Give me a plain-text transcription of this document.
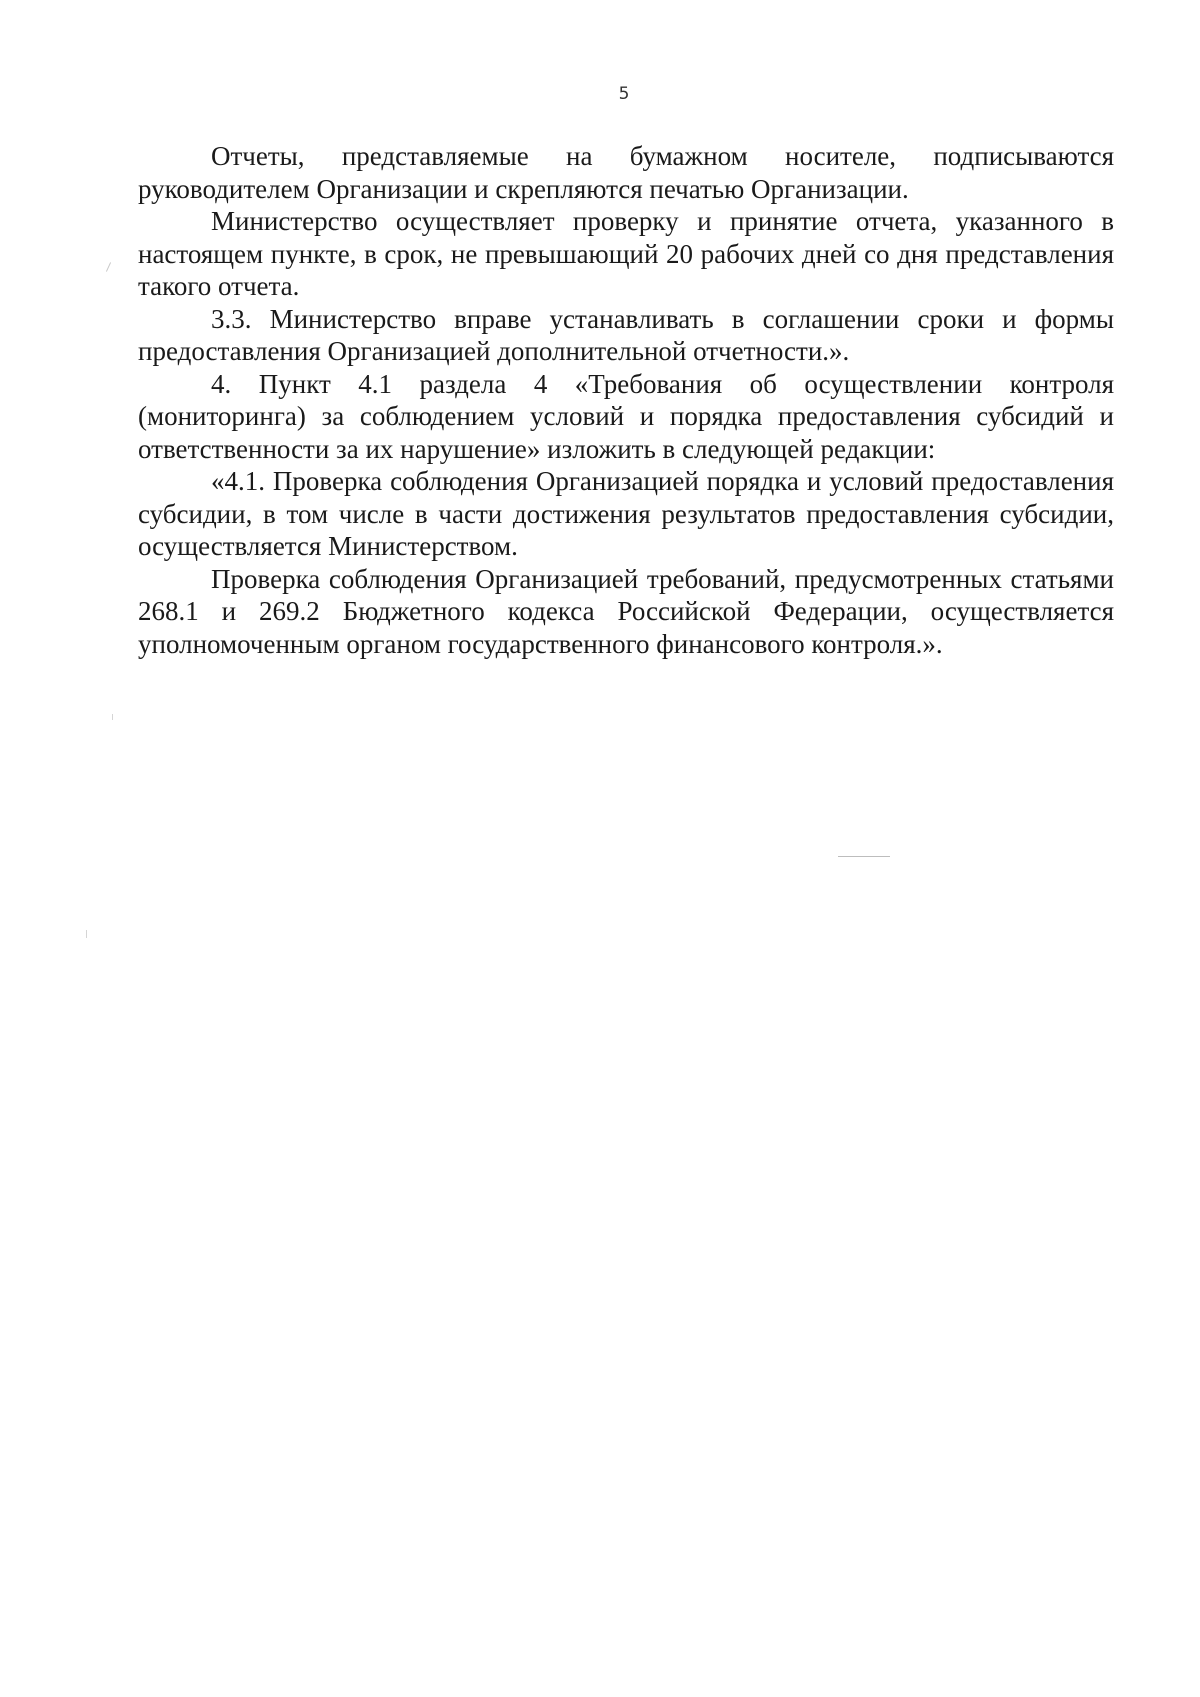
5

Отчеты, представляемые на бумажном носителе, подписываются руководителем Организации и скрепляются печатью Организации.

Министерство осуществляет проверку и принятие отчета, указанного в настоящем пункте, в срок, не превышающий 20 рабочих дней со дня представления такого отчета.

3.3. Министерство вправе устанавливать в соглашении сроки и формы предоставления Организацией дополнительной отчетности.».

4. Пункт 4.1 раздела 4 «Требования об осуществлении контроля (мониторинга) за соблюдением условий и порядка предоставления субсидий и ответственности за их нарушение» изложить в следующей редакции:

«4.1. Проверка соблюдения Организацией порядка и условий предоставления субсидии, в том числе в части достижения результатов предоставления субсидии, осуществляется Министерством.

Проверка соблюдения Организацией требований, предусмотренных статьями 268.1 и 269.2 Бюджетного кодекса Российской Федерации, осуществляется уполномоченным органом государственного финансового контроля.».
